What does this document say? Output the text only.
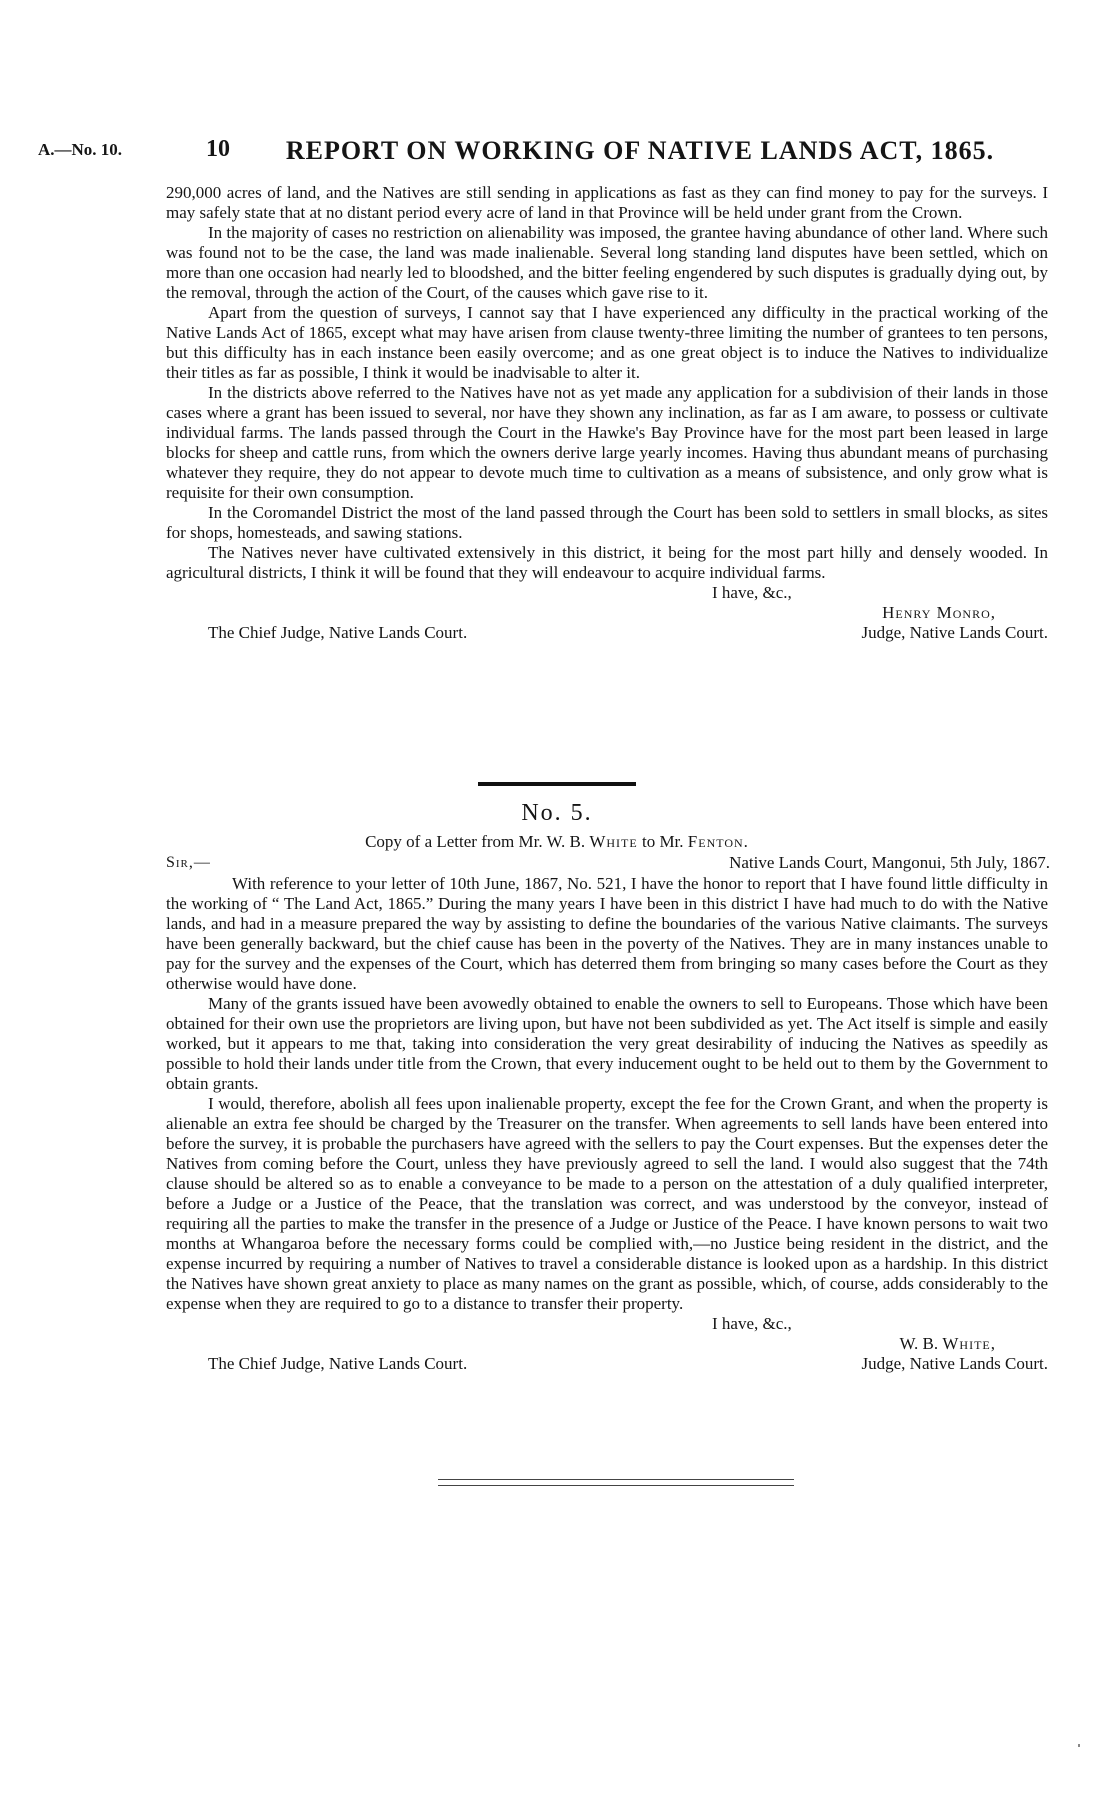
A.—No. 10.	10	REPORT ON WORKING OF NATIVE LANDS ACT, 1865.

290,000 acres of land, and the Natives are still sending in applications as fast as they can find money to pay for the surveys. I may safely state that at no distant period every acre of land in that Province will be held under grant from the Crown.

In the majority of cases no restriction on alienability was imposed, the grantee having abundance of other land. Where such was found not to be the case, the land was made inalienable. Several long standing land disputes have been settled, which on more than one occasion had nearly led to bloodshed, and the bitter feeling engendered by such disputes is gradually dying out, by the removal, through the action of the Court, of the causes which gave rise to it.

Apart from the question of surveys, I cannot say that I have experienced any difficulty in the practical working of the Native Lands Act of 1865, except what may have arisen from clause twenty-three limiting the number of grantees to ten persons, but this difficulty has in each instance been easily overcome; and as one great object is to induce the Natives to individualize their titles as far as possible, I think it would be inadvisable to alter it.

In the districts above referred to the Natives have not as yet made any application for a subdivision of their lands in those cases where a grant has been issued to several, nor have they shown any inclination, as far as I am aware, to possess or cultivate individual farms. The lands passed through the Court in the Hawke's Bay Province have for the most part been leased in large blocks for sheep and cattle runs, from which the owners derive large yearly incomes. Having thus abundant means of purchasing whatever they require, they do not appear to devote much time to cultivation as a means of subsistence, and only grow what is requisite for their own consumption.

In the Coromandel District the most of the land passed through the Court has been sold to settlers in small blocks, as sites for shops, homesteads, and sawing stations.

The Natives never have cultivated extensively in this district, it being for the most part hilly and densely wooded. In agricultural districts, I think it will be found that they will endeavour to acquire individual farms.

I have, &c.,
Henry Monro,
Judge, Native Lands Court.
The Chief Judge, Native Lands Court.
No. 5.
Copy of a Letter from Mr. W. B. White to Mr. Fenton.
Sir,—	Native Lands Court, Mangonui, 5th July, 1867.

With reference to your letter of 10th June, 1867, No. 521, I have the honor to report that I have found little difficulty in the working of “ The Land Act, 1865.” During the many years I have been in this district I have had much to do with the Native lands, and had in a measure prepared the way by assisting to define the boundaries of the various Native claimants. The surveys have been generally backward, but the chief cause has been in the poverty of the Natives. They are in many instances unable to pay for the survey and the expenses of the Court, which has deterred them from bringing so many cases before the Court as they otherwise would have done.

Many of the grants issued have been avowedly obtained to enable the owners to sell to Europeans. Those which have been obtained for their own use the proprietors are living upon, but have not been subdivided as yet. The Act itself is simple and easily worked, but it appears to me that, taking into consideration the very great desirability of inducing the Natives as speedily as possible to hold their lands under title from the Crown, that every inducement ought to be held out to them by the Government to obtain grants.

I would, therefore, abolish all fees upon inalienable property, except the fee for the Crown Grant, and when the property is alienable an extra fee should be charged by the Treasurer on the transfer. When agreements to sell lands have been entered into before the survey, it is probable the purchasers have agreed with the sellers to pay the Court expenses. But the expenses deter the Natives from coming before the Court, unless they have previously agreed to sell the land. I would also suggest that the 74th clause should be altered so as to enable a conveyance to be made to a person on the attestation of a duly qualified interpreter, before a Judge or a Justice of the Peace, that the translation was correct, and was understood by the conveyor, instead of requiring all the parties to make the transfer in the presence of a Judge or Justice of the Peace. I have known persons to wait two months at Whangaroa before the necessary forms could be complied with,—no Justice being resident in the district, and the expense incurred by requiring a number of Natives to travel a considerable distance is looked upon as a hardship. In this district the Natives have shown great anxiety to place as many names on the grant as possible, which, of course, adds considerably to the expense when they are required to go to a distance to transfer their property.

I have, &c.,
W. B. White,
Judge, Native Lands Court.
The Chief Judge, Native Lands Court.
